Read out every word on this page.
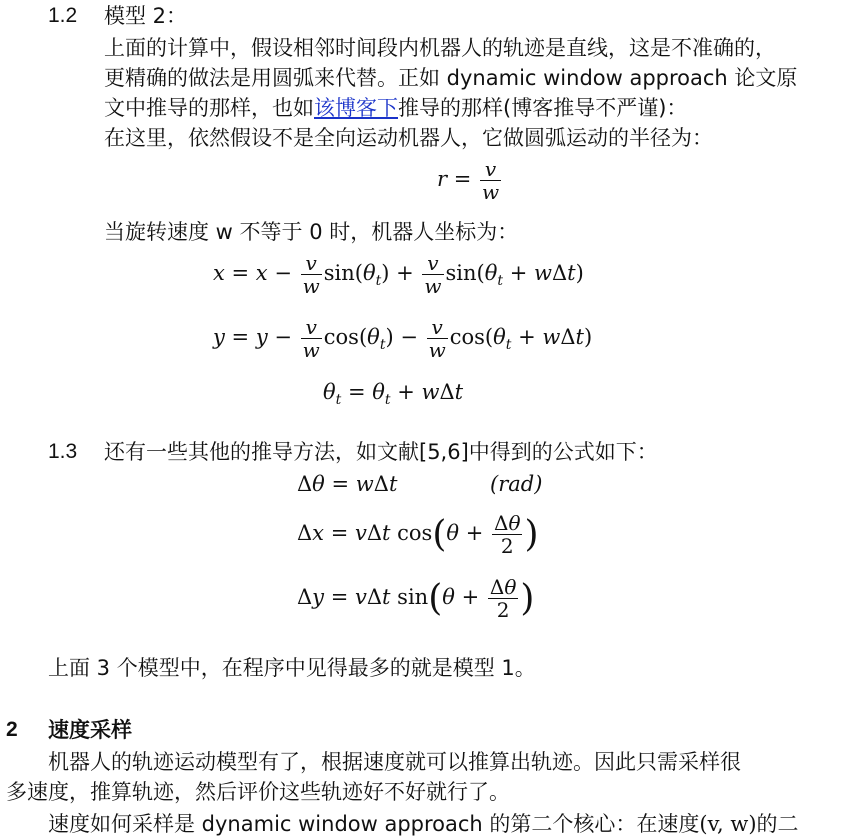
1.2 模型 2：
上面的计算中，假设相邻时间段内机器人的轨迹是直线，这是不准确的，
更精确的做法是用圆弧来代替。正如 dynamic window approach 论文原
文中推导的那样，也如该博客下推导的那样(博客推导不严谨)：
在这里，依然假设不是全向运动机器人，它做圆弧运动的半径为：
$r = \frac{v}{w}$
当旋转速度 w 不等于 0 时，机器人坐标为：
$x = x - \frac{v}{w} \sin(\theta_t) + \frac{v}{w} \sin(\theta_t + w\Delta t)$
$y = y - \frac{v}{w} \cos(\theta_t) - \frac{v}{w} \cos(\theta_t + w\Delta t)$
$\theta_t = \theta_t + w\Delta t$
1.3 还有一些其他的推导方法，如文献[5,6]中得到的公式如下：
Δθ = wΔt	(rad)
Δx = vΔt $\cos(\theta + \frac{\Delta\theta}{2}$ )
Δy = vΔt $\sin(\theta + \frac{\Delta\theta}{2}$ )
上面 3 个模型中，在程序中见得最多的就是模型 1。
2 速度采样
机器人的轨迹运动模型有了，根据速度就可以推算出轨迹。因此只需采样很
多速度，推算轨迹，然后评价这些轨迹好不好就行了。
速度如何采样是 dynamic window approach 的第二个核心：在速度(v, w)的二
